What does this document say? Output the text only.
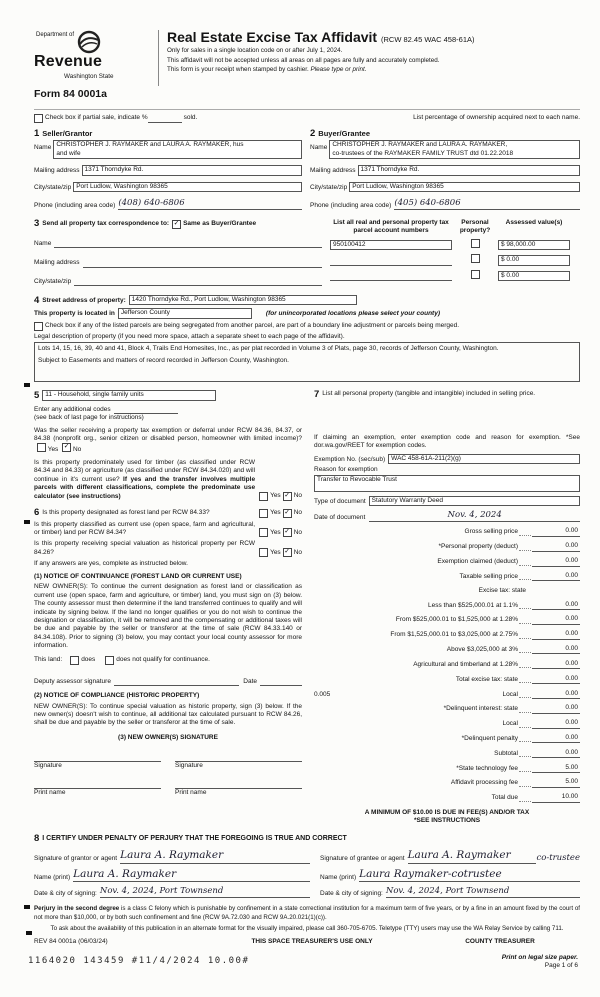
Department of
Revenue
Washington State
Form 84 0001a
Real Estate Excise Tax Affidavit (RCW 82.45 WAC 458-61A)
Only for sales in a single location code on or after July 1, 2024.
This affidavit will not be accepted unless all areas on all pages are fully and accurately completed.
This form is your receipt when stamped by cashier. Please type or print.
Check box if partial sale, indicate %	sold.	List percentage of ownership acquired next to each name.
1 Seller/Grantor
Name CHRISTOPHER J. RAYMAKER and LAURA A. RAYMAKER, hus
and wife
Mailing address 1371 Thorndyke Rd.
City/state/zip Port Ludlow, Washington 98365
Phone (including area code) (408) 640-6806
2 Buyer/Grantee
Name CHRISTOPHER J. RAYMAKER and LAURA A. RAYMAKER,
co-trustees of the RAYMAKER FAMILY TRUST dtd 01.22.2018
Mailing address 1371 Thorndyke Rd.
City/state/zip Port Ludlow, Washington 98365
Phone (including area code) (405) 640-6806
3 Send all property tax correspondence to: ✓ Same as Buyer/Grantee
Name
Mailing address
City/state/zip
List all real and personal property tax parcel account numbers
Personal property?
Assessed value(s)
950100412	$ 98,000.00
$ 0.00
$ 0.00
4 Street address of property: 1420 Thorndyke Rd., Port Ludlow, Washington 98365
This property is located in Jefferson County	(for unincorporated locations please select your county)
Check box if any of the listed parcels are being segregated from another parcel, are part of a boundary line adjustment or parcels being merged.
Legal description of property (if you need more space, attach a separate sheet to each page of the affidavit).
Lots 14, 15, 16, 39, 40 and 41, Block 4, Trails End Homesites, Inc., as per plat recorded in Volume 3 of Plats, page 30, records of Jefferson County, Washington.
Subject to Easements and matters of record recorded in Jefferson County, Washington.
5 11 - Household, single family units
Enter any additional codes
(see back of last page for instructions)
Was the seller receiving a property tax exemption or deferral under RCW 84.36, 84.37, or 84.38 (nonprofit org., senior citizen or disabled person, homeowner with limited income)?  Yes ✓ No
Is this property predominately used for timber (as classified under RCW 84.34 and 84.33) or agriculture (as classified under RCW 84.34.020) and will continue in it's current use? If yes and the transfer involves multiple parcels with different classifications, complete the predominate use calculator (see instructions)	Yes ✓ No
6 Is this property designated as forest land per RCW 84.33?	Yes ✓ No
Is this property classified as current use (open space, farm and agricultural, or timber) land per RCW 84.34?	Yes ✓ No
Is this property receiving special valuation as historical property per RCW 84.26?	Yes ✓ No
If any answers are yes, complete as instructed below.
(1) NOTICE OF CONTINUANCE (FOREST LAND OR CURRENT USE)
NEW OWNER(S): To continue the current designation as forest land or classification as current use (open space, farm and agriculture, or timber) land, you must sign on (3) below. The county assessor must then determine if the land transferred continues to qualify and will indicate by signing below. If the land no longer qualifies or you do not wish to continue the designation or classification, it will be removed and the compensating or additional taxes will be due and payable by the seller or transferor at the time of sale (RCW 84.33.140 or 84.34.108). Prior to signing (3) below, you may contact your local county assessor for more information.
This land:	does	does not qualify for continuance.
Deputy assessor signature	Date
(2) NOTICE OF COMPLIANCE (HISTORIC PROPERTY)
NEW OWNER(S): To continue special valuation as historic property, sign (3) below. If the new owner(s) doesn't wish to continue, all additional tax calculated pursuant to RCW 84.26, shall be due and payable by the seller or transferor at the time of sale.
(3) NEW OWNER(S) SIGNATURE
Signature	Signature
Print name	Print name
7 List all personal property (tangible and intangible) included in selling price.
If claiming an exemption, enter exemption code and reason for exemption. *See dor.wa.gov/REET for exemption codes.
Exemption No. (sec/sub) WAC 458-61A-211(2)(g)
Reason for exemption
Transfer to Revocable Trust
Type of document Statutory Warranty Deed
Date of document	Nov. 4, 2024
Gross selling price	0.00
*Personal property (deduct)	0.00
Exemption claimed (deduct)	0.00
Taxable selling price	0.00
Excise tax: state
Less than $525,000.01 at 1.1%	0.00
From $525,000.01 to $1,525,000 at 1.28%	0.00
From $1,525,000.01 to $3,025,000 at 2.75%	0.00
Above $3,025,000 at 3%	0.00
Agricultural and timberland at 1.28%	0.00
Total excise tax: state	0.00
0.005	Local	0.00
*Delinquent interest: state	0.00
Local	0.00
*Delinquent penalty	0.00
Subtotal	0.00
*State technology fee	5.00
Affidavit processing fee	5.00
Total due	10.00
A MINIMUM OF $10.00 IS DUE IN FEE(S) AND/OR TAX
*SEE INSTRUCTIONS
8 I CERTIFY UNDER PENALTY OF PERJURY THAT THE FOREGOING IS TRUE AND CORRECT
Signature of grantor or agent Laura A. Raymaker
Name (print) Laura A. Raymaker
Date & city of signing: Nov. 4, 2024, Port Townsend
Signature of grantee or agent Laura A. Raymaker	co-trustee
Name (print) Laura Raymaker-cotrustee
Date & city of signing: Nov. 4, 2024, Port Townsend
Perjury in the second degree is a class C felony which is punishable by confinement in a state correctional institution for a maximum term of five years, or by a fine in an amount fixed by the court of not more than $10,000, or by both such confinement and fine (RCW 9A.72.030 and RCW 9A.20.021(1)(c)).
To ask about the availability of this publication in an alternate format for the visually impaired, please call 360-705-6705. Teletype (TTY) users may use the WA Relay Service by calling 711.
REV 84 0001a (06/03/24)	THIS SPACE TREASURER'S USE ONLY	COUNTY TREASURER
1164020 143459 #11/4/2024 10.00#	Print on legal size paper.
Page 1 of 6
